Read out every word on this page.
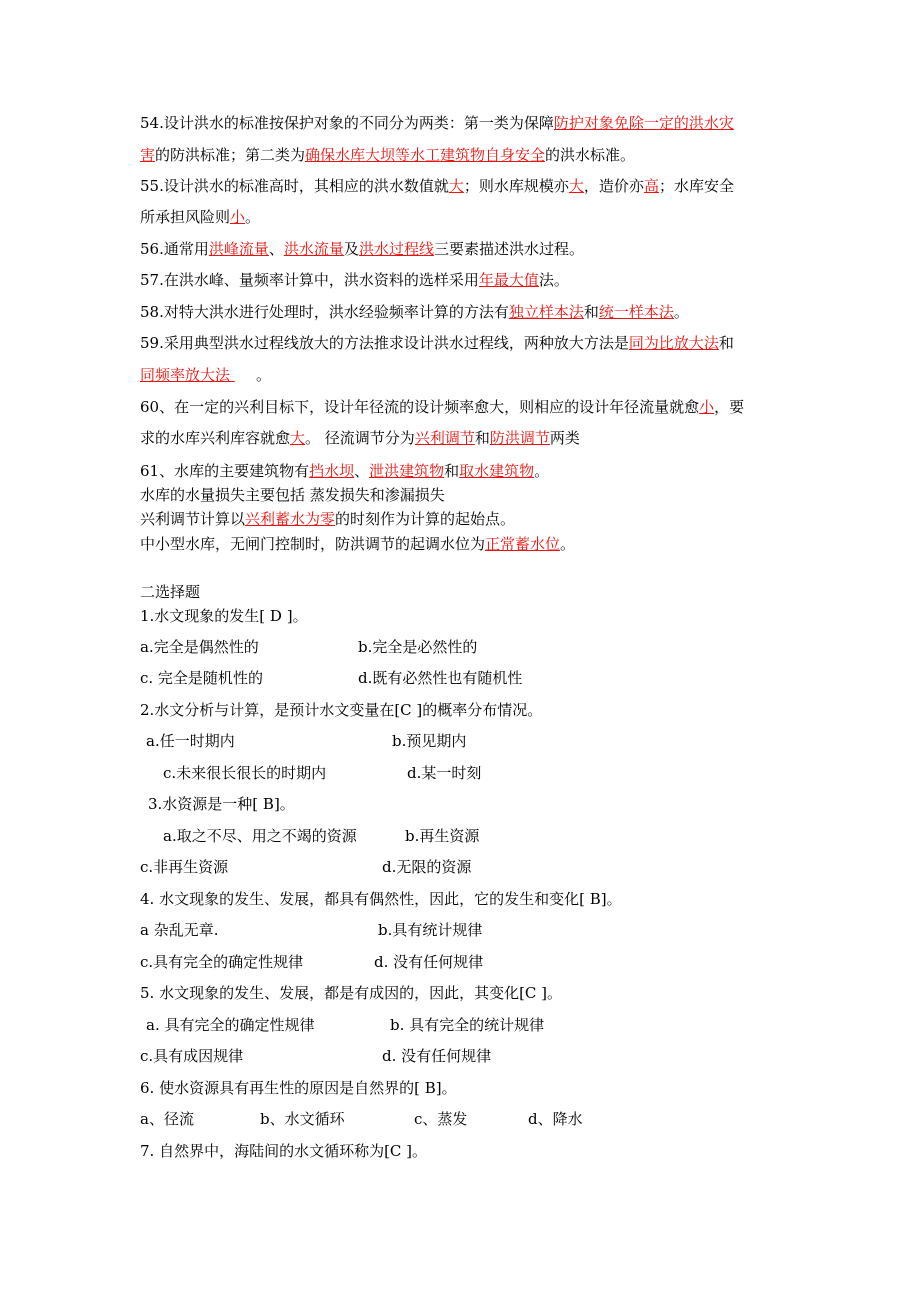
54.设计洪水的标准按保护对象的不同分为两类：第一类为保障防护对象免除一定的洪水灾
害的防洪标准；第二类为确保水库大坝等水工建筑物自身安全的洪水标准。
55.设计洪水的标准高时，其相应的洪水数值就大；则水库规模亦大，造价亦高；水库安全
所承担风险则小。
56.通常用洪峰流量、洪水流量及洪水过程线三要素描述洪水过程。
57.在洪水峰、量频率计算中，洪水资料的选样采用年最大值法。
58.对特大洪水进行处理时，洪水经验频率计算的方法有独立样本法和统一样本法。
59.采用典型洪水过程线放大的方法推求设计洪水过程线，两种放大方法是同为比放大法和
同频率放大法 。
60、在一定的兴利目标下，设计年径流的设计频率愈大，则相应的设计年径流量就愈小，要
求的水库兴利库容就愈大。 径流调节分为兴利调节和防洪调节两类
61、水库的主要建筑物有挡水坝、泄洪建筑物和取水建筑物。
水库的水量损失主要包括 蒸发损失和渗漏损失
兴利调节计算以兴利蓄水为零的时刻作为计算的起始点。
中小型水库，无闸门控制时，防洪调节的起调水位为正常蓄水位。
二选择题
1.水文现象的发生[ D ]。
a.完全是偶然性的	b.完全是必然性的
c. 完全是随机性的	d.既有必然性也有随机性
2.水文分析与计算，是预计水文变量在[C ]的概率分布情况。
a.任一时期内	b.预见期内
c.未来很长很长的时期内	d.某一时刻
3.水资源是一种[ B]。
a.取之不尽、用之不竭的资源	b.再生资源
c.非再生资源	d.无限的资源
4. 水文现象的发生、发展，都具有偶然性，因此，它的发生和变化[ B]。
a 杂乱无章.	b.具有统计规律
c.具有完全的确定性规律	d. 没有任何规律
5. 水文现象的发生、发展，都是有成因的，因此，其变化[C ]。
a. 具有完全的确定性规律	b. 具有完全的统计规律
c.具有成因规律	d. 没有任何规律
6. 使水资源具有再生性的原因是自然界的[ B]。
a、径流	b、水文循环	c、蒸发	d、降水
7. 自然界中，海陆间的水文循环称为[C ]。
